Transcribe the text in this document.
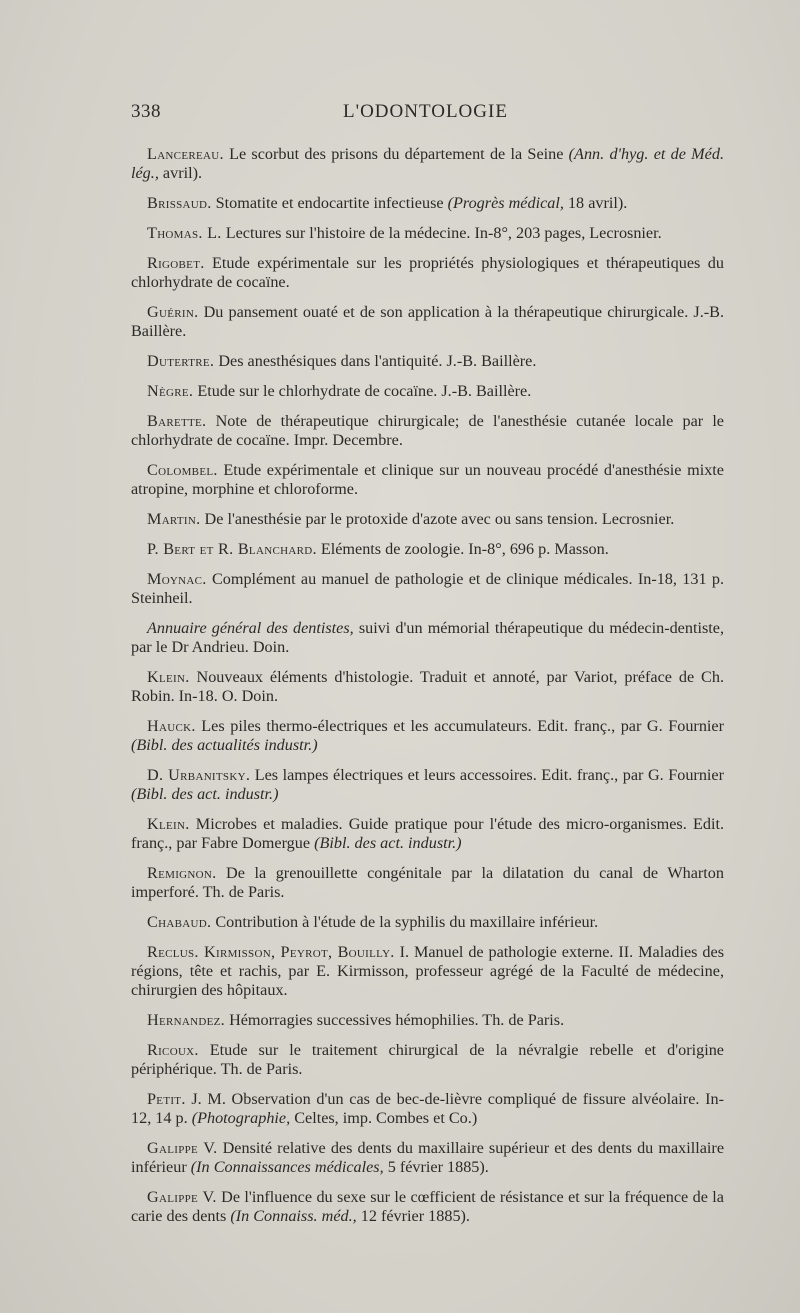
338	L'ODONTOLOGIE

Lancereau. Le scorbut des prisons du département de la Seine (Ann. d'hyg. et de Méd. lég., avril).

Brissaud. Stomatite et endocartite infectieuse (Progrès médical, 18 avril).

Thomas. L. Lectures sur l'histoire de la médecine. In-8°, 203 pages, Lecrosnier.

Rigobet. Etude expérimentale sur les propriétés physiologiques et thérapeutiques du chlorhydrate de cocaïne.

Guérin. Du pansement ouaté et de son application à la thérapeutique chirurgicale. J.-B. Baillère.

Dutertre. Des anesthésiques dans l'antiquité. J.-B. Baillère.

Nègre. Etude sur le chlorhydrate de cocaïne. J.-B. Baillère.

Barette. Note de thérapeutique chirurgicale; de l'anesthésie cutanée locale par le chlorhydrate de cocaïne. Impr. Decembre.

Colombel. Etude expérimentale et clinique sur un nouveau procédé d'anesthésie mixte atropine, morphine et chloroforme.

Martin. De l'anesthésie par le protoxide d'azote avec ou sans tension. Lecrosnier.

P. Bert et R. Blanchard. Eléments de zoologie. In-8°, 696 p. Masson.

Moynac. Complément au manuel de pathologie et de clinique médicales. In-18, 131 p. Steinheil.

Annuaire général des dentistes, suivi d'un mémorial thérapeutique du médecin-dentiste, par le Dr Andrieu. Doin.

Klein. Nouveaux éléments d'histologie. Traduit et annoté, par Variot, préface de Ch. Robin. In-18. O. Doin.

Hauck. Les piles thermo-électriques et les accumulateurs. Edit. franç., par G. Fournier (Bibl. des actualités industr.)

D. Urbanitsky. Les lampes électriques et leurs accessoires. Edit. franç., par G. Fournier (Bibl. des act. industr.)

Klein. Microbes et maladies. Guide pratique pour l'étude des micro-organismes. Edit. franç., par Fabre Domergue (Bibl. des act. industr.)

Remignon. De la grenouillette congénitale par la dilatation du canal de Wharton imperforé. Th. de Paris.

Chabaud. Contribution à l'étude de la syphilis du maxillaire inférieur.

Reclus. Kirmisson, Peyrot, Bouilly. I. Manuel de pathologie externe. II. Maladies des régions, tête et rachis, par E. Kirmisson, professeur agrégé de la Faculté de médecine, chirurgien des hôpitaux.

Hernandez. Hémorragies successives hémophilies. Th. de Paris.

Ricoux. Etude sur le traitement chirurgical de la névralgie rebelle et d'origine périphérique. Th. de Paris.

Petit. J. M. Observation d'un cas de bec-de-lièvre compliqué de fissure alvéolaire. In-12, 14 p. (Photographie, Celtes, imp. Combes et Co.)

Galippe V. Densité relative des dents du maxillaire supérieur et des dents du maxillaire inférieur (In Connaissances médicales, 5 février 1885).

Galippe V. De l'influence du sexe sur le cœfficient de résistance et sur la fréquence de la carie des dents (In Connaiss. méd., 12 février 1885).
